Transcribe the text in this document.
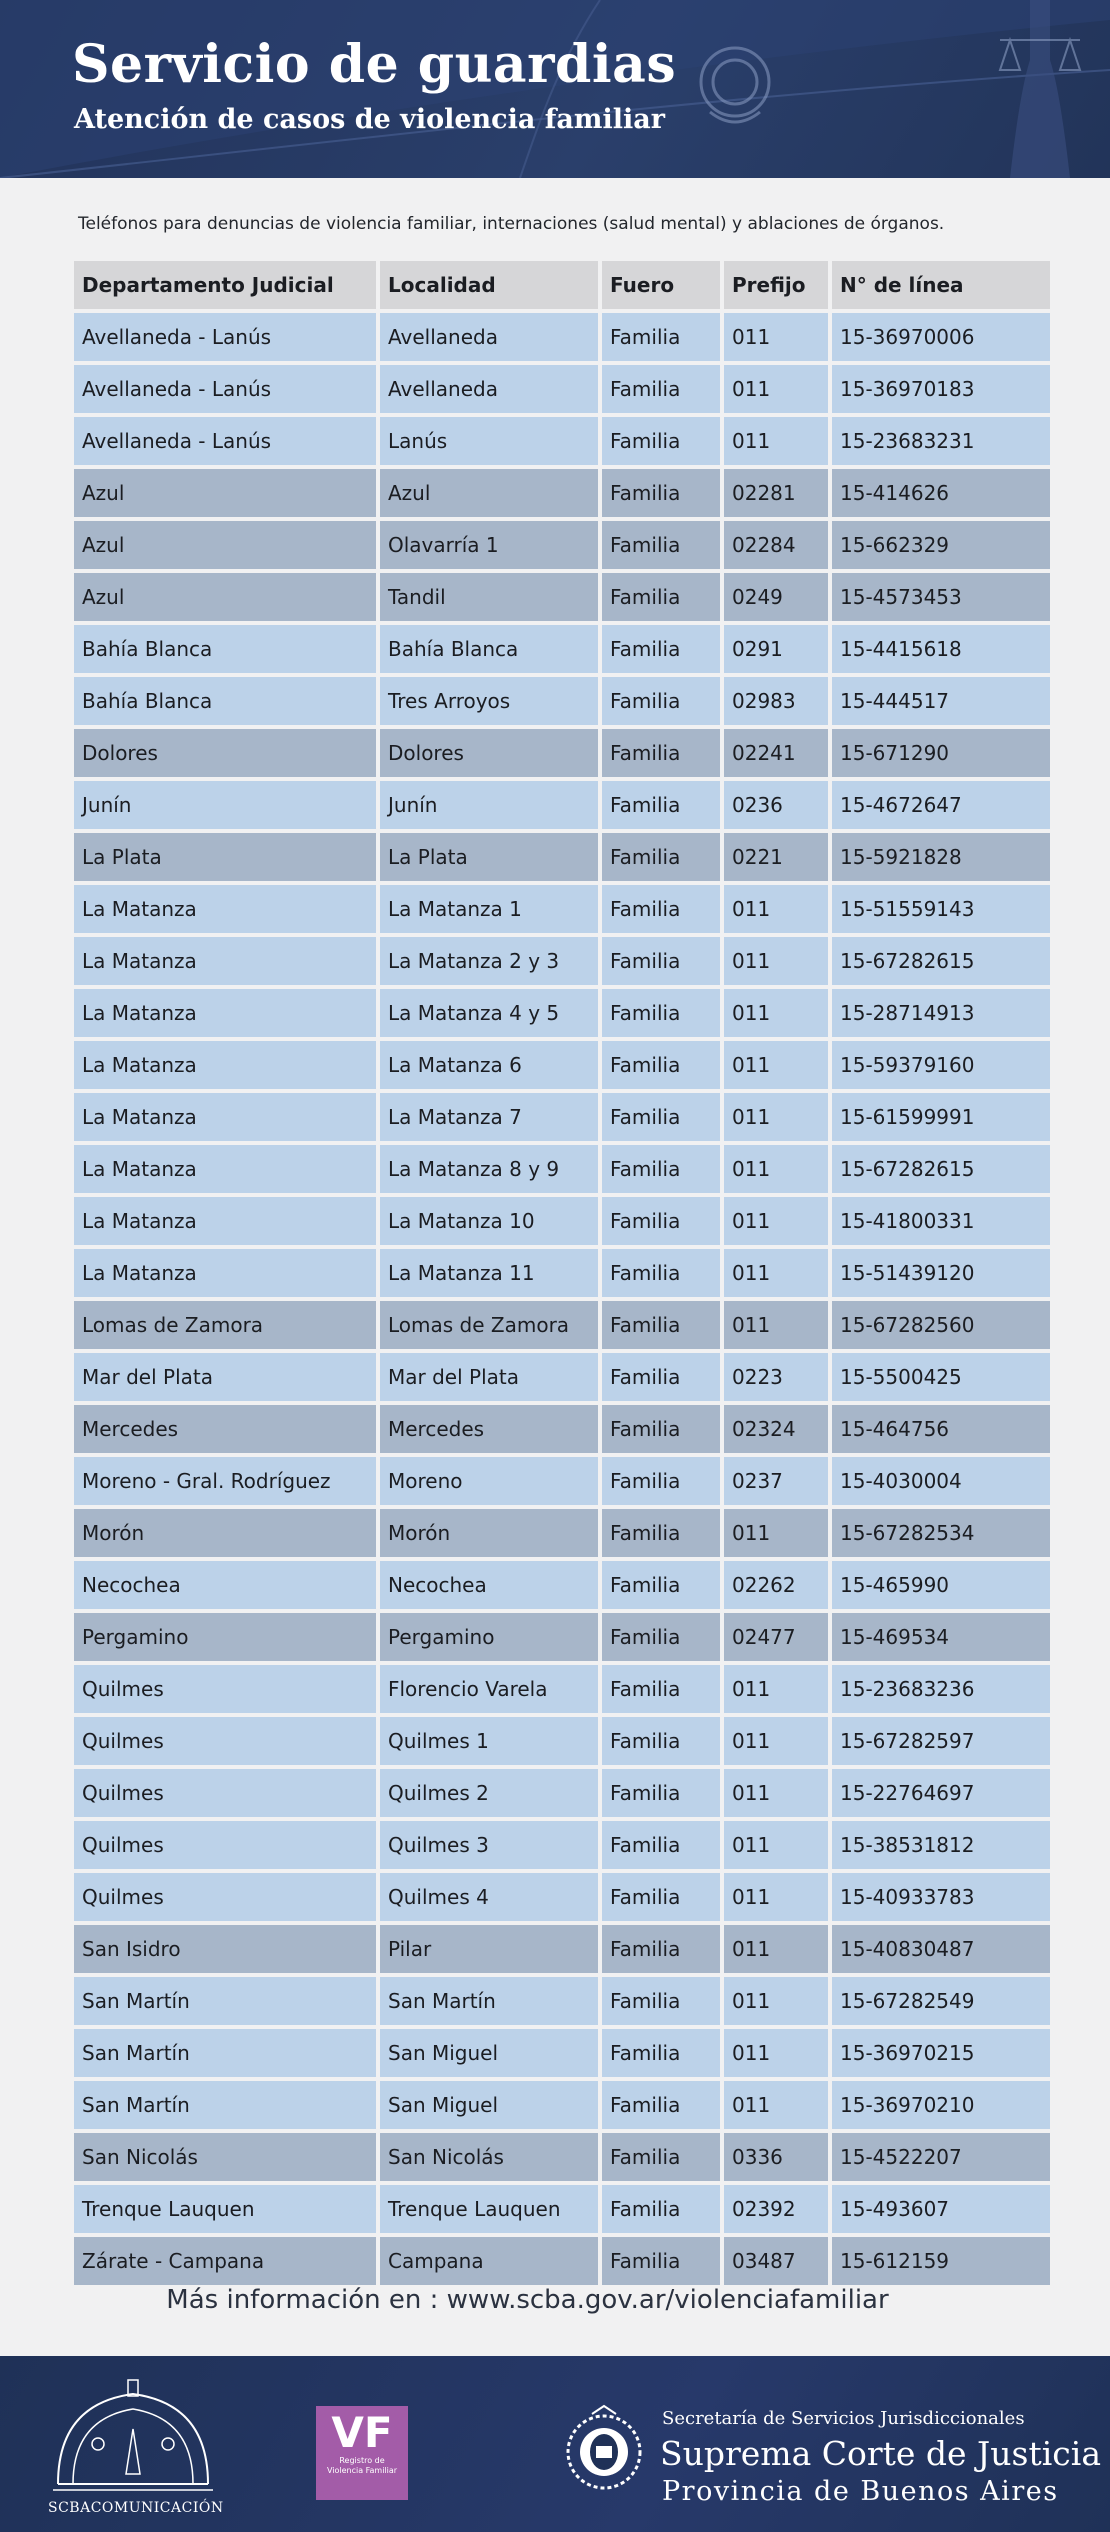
Servicio de guardias
Atención de casos de violencia familiar

Teléfonos para denuncias de violencia familiar, internaciones (salud mental) y ablaciones de órganos.

Departamento Judicial	Localidad	Fuero	Prefijo	N° de línea
Avellaneda - Lanús	Avellaneda	Familia	011	15-36970006
Avellaneda - Lanús	Avellaneda	Familia	011	15-36970183
Avellaneda - Lanús	Lanús	Familia	011	15-23683231
Azul	Azul	Familia	02281	15-414626
Azul	Olavarría 1	Familia	02284	15-662329
Azul	Tandil	Familia	0249	15-4573453
Bahía Blanca	Bahía Blanca	Familia	0291	15-4415618
Bahía Blanca	Tres Arroyos	Familia	02983	15-444517
Dolores	Dolores	Familia	02241	15-671290
Junín	Junín	Familia	0236	15-4672647
La Plata	La Plata	Familia	0221	15-5921828
La Matanza	La Matanza 1	Familia	011	15-51559143
La Matanza	La Matanza 2 y 3	Familia	011	15-67282615
La Matanza	La Matanza 4 y 5	Familia	011	15-28714913
La Matanza	La Matanza 6	Familia	011	15-59379160
La Matanza	La Matanza 7	Familia	011	15-61599991
La Matanza	La Matanza 8 y 9	Familia	011	15-67282615
La Matanza	La Matanza 10	Familia	011	15-41800331
La Matanza	La Matanza 11	Familia	011	15-51439120
Lomas de Zamora	Lomas de Zamora	Familia	011	15-67282560
Mar del Plata	Mar del Plata	Familia	0223	15-5500425
Mercedes	Mercedes	Familia	02324	15-464756
Moreno - Gral. Rodríguez	Moreno	Familia	0237	15-4030004
Morón	Morón	Familia	011	15-67282534
Necochea	Necochea	Familia	02262	15-465990
Pergamino	Pergamino	Familia	02477	15-469534
Quilmes	Florencio Varela	Familia	011	15-23683236
Quilmes	Quilmes 1	Familia	011	15-67282597
Quilmes	Quilmes 2	Familia	011	15-22764697
Quilmes	Quilmes 3	Familia	011	15-38531812
Quilmes	Quilmes 4	Familia	011	15-40933783
San Isidro	Pilar	Familia	011	15-40830487
San Martín	San Martín	Familia	011	15-67282549
San Martín	San Miguel	Familia	011	15-36970215
San Martín	San Miguel	Familia	011	15-36970210
San Nicolás	San Nicolás	Familia	0336	15-4522207
Trenque Lauquen	Trenque Lauquen	Familia	02392	15-493607
Zárate - Campana	Campana	Familia	03487	15-612159
Más información en : www.scba.gov.ar/violenciafamiliar
SCBACOMUNICACIÓN
VF
Registro de Violencia Familiar

Secretaría de Servicios Jurisdiccionales

Suprema Corte de Justicia

Provincia de Buenos Aires
